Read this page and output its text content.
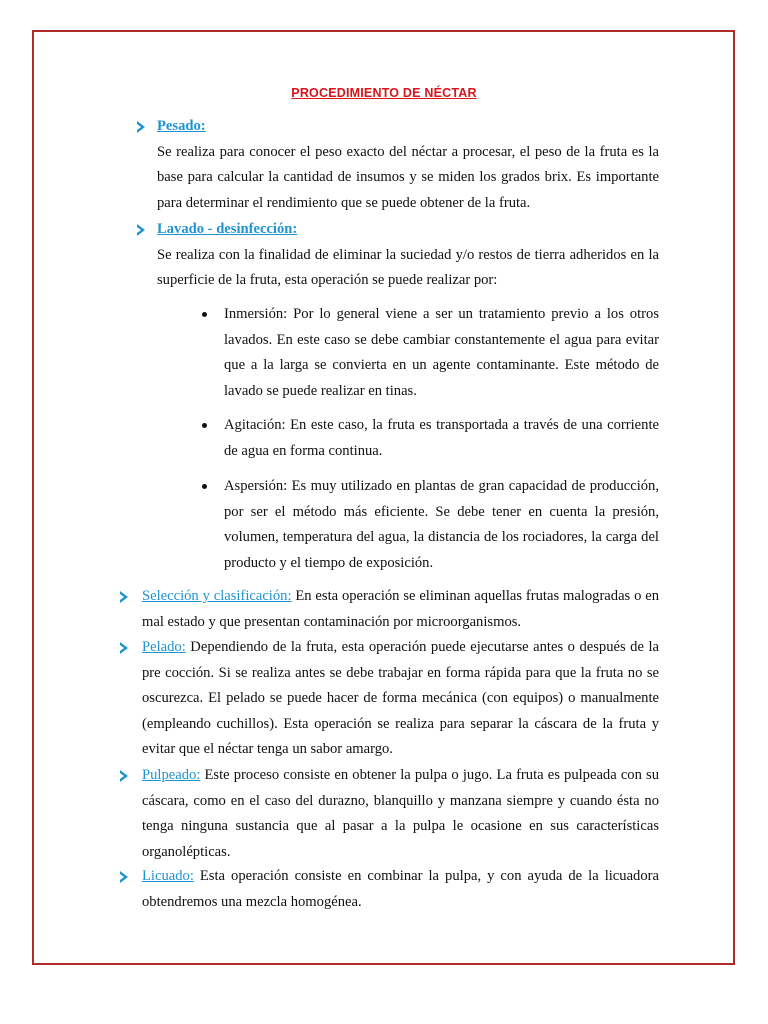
PROCEDIMIENTO DE NÉCTAR

Pesado:

Se realiza para conocer el peso exacto del néctar a procesar, el peso de la fruta es la base para calcular la cantidad de insumos y se miden los grados brix. Es importante para determinar el rendimiento que se puede obtener de la fruta.

Lavado - desinfección:

Se realiza con la finalidad de eliminar la suciedad y/o restos de tierra adheridos en la superficie de la fruta, esta operación se puede realizar por:

Inmersión: Por lo general viene a ser un tratamiento previo a los otros lavados. En este caso se debe cambiar constantemente el agua para evitar que a la larga se convierta en un agente contaminante. Este método de lavado se puede realizar en tinas.

Agitación: En este caso, la fruta es transportada a través de una corriente de agua en forma continua.

Aspersión: Es muy utilizado en plantas de gran capacidad de producción, por ser el método más eficiente. Se debe tener en cuenta la presión, volumen, temperatura del agua, la distancia de los rociadores, la carga del producto y el tiempo de exposición.

Selección y clasificación: En esta operación se eliminan aquellas frutas malogradas o en mal estado y que presentan contaminación por microorganismos.

Pelado: Dependiendo de la fruta, esta operación puede ejecutarse antes o después de la pre cocción. Si se realiza antes se debe trabajar en forma rápida para que la fruta no se oscurezca. El pelado se puede hacer de forma mecánica (con equipos) o manualmente (empleando cuchillos). Esta operación se realiza para separar la cáscara de la fruta y evitar que el néctar tenga un sabor amargo.

Pulpeado: Este proceso consiste en obtener la pulpa o jugo. La fruta es pulpeada con su cáscara, como en el caso del durazno, blanquillo y manzana siempre y cuando ésta no tenga ninguna sustancia que al pasar a la pulpa le ocasione en sus características organolépticas.

Licuado: Esta operación consiste en combinar la pulpa, y con ayuda de la licuadora obtendremos una mezcla homogénea.
